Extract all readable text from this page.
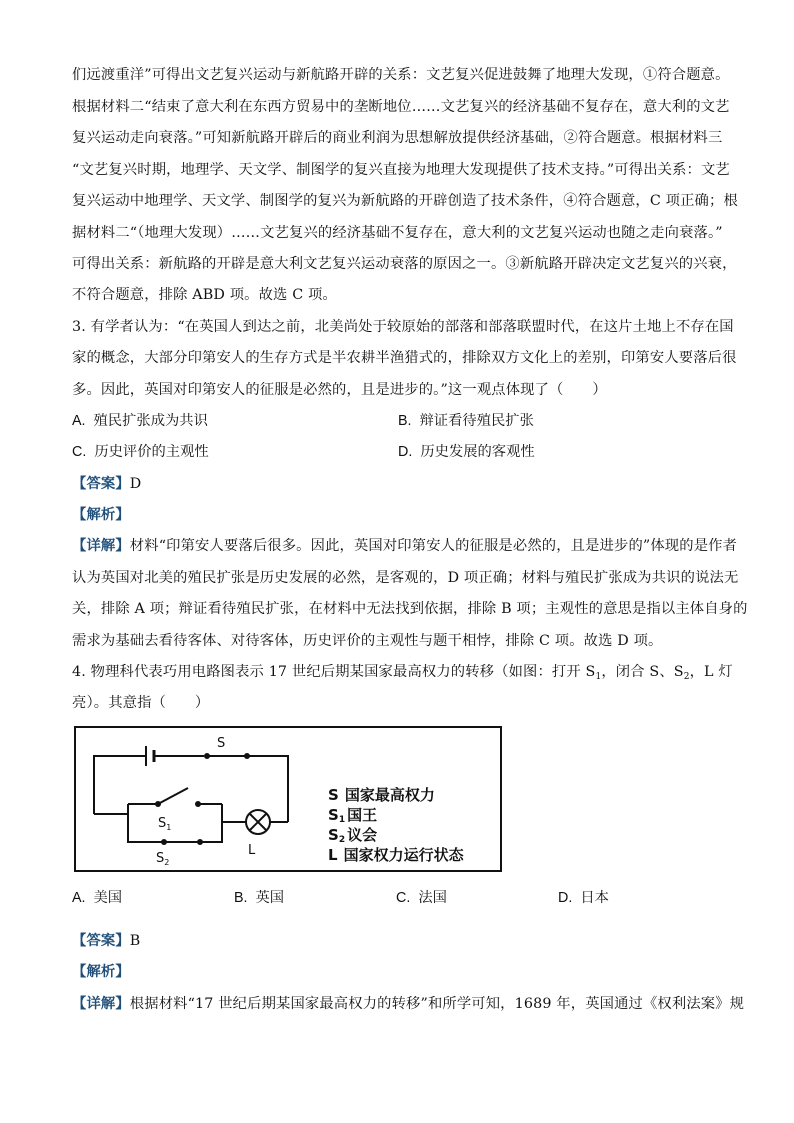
们远渡重洋”可得出文艺复兴运动与新航路开辟的关系：文艺复兴促进鼓舞了地理大发现，①符合题意。
根据材料二“结束了意大利在东西方贸易中的垄断地位……文艺复兴的经济基础不复存在，意大利的文艺
复兴运动走向衰落。”可知新航路开辟后的商业利润为思想解放提供经济基础，②符合题意。根据材料三
“文艺复兴时期，地理学、天文学、制图学的复兴直接为地理大发现提供了技术支持。”可得出关系：文艺
复兴运动中地理学、天文学、制图学的复兴为新航路的开辟创造了技术条件，④符合题意，C 项正确；根
据材料二“（地理大发现）……文艺复兴的经济基础不复存在，意大利的文艺复兴运动也随之走向衰落。”
可得出关系：新航路的开辟是意大利文艺复兴运动衰落的原因之一。③新航路开辟决定文艺复兴的兴衰，
不符合题意，排除 ABD 项。故选 C 项。
3. 有学者认为：“在英国人到达之前，北美尚处于较原始的部落和部落联盟时代，在这片土地上不存在国
家的概念，大部分印第安人的生存方式是半农耕半渔猎式的，排除双方文化上的差别，印第安人要落后很
多。因此，英国对印第安人的征服是必然的，且是进步的。”这一观点体现了（　　）
A. 殖民扩张成为共识	B. 辩证看待殖民扩张
C. 历史评价的主观性	D. 历史发展的客观性
【答案】D
【解析】
【详解】材料“印第安人要落后很多。因此，英国对印第安人的征服是必然的，且是进步的”体现的是作者
认为英国对北美的殖民扩张是历史发展的必然，是客观的，D 项正确；材料与殖民扩张成为共识的说法无
关，排除 A 项；辩证看待殖民扩张，在材料中无法找到依据，排除 B 项；主观性的意思是指以主体自身的
需求为基础去看待客体、对待客体，历史评价的主观性与题干相悖，排除 C 项。故选 D 项。
4. 物理科代表巧用电路图表示 17 世纪后期某国家最高权力的转移（如图：打开 $S_1$，闭合 S、$S_2$，L 灯
亮）。其意指（　　）
S
$S_1$
$S_2$
L
S 国家最高权力
S1 国王
S2 议会
L 国家权力运行状态
A. 美国	B. 英国	C. 法国	D. 日本
【答案】B
【解析】
【详解】根据材料“17 世纪后期某国家最高权力的转移”和所学可知，1689 年，英国通过《权利法案》规
